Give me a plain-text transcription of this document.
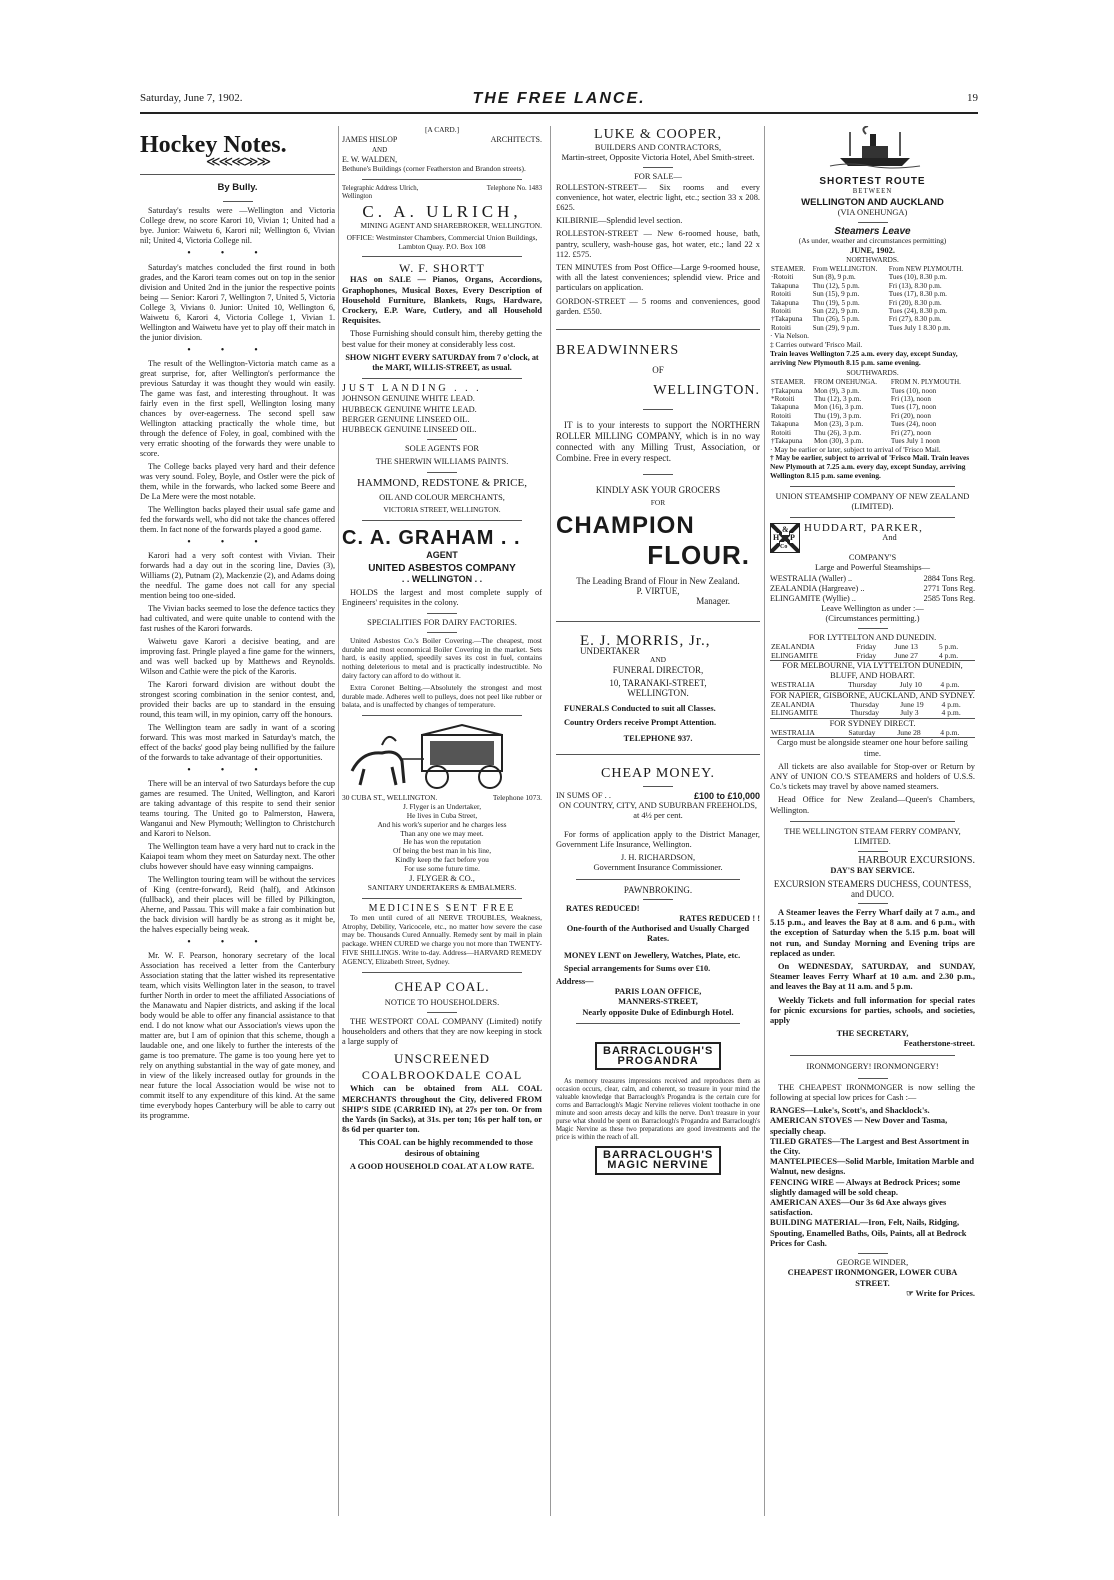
Saturday, June 7, 1902.	THE FREE LANCE.	19
Hockey Notes.
≪≪≪≫≫
By Bully.

Saturday's results were —Wellington and Victoria College drew, no score Karori 10, Vivian 1; United had a bye. Junior: Waiwetu 6, Karori nil; Wellington 6, Vivian nil; United 4, Victoria College nil.

•••

Saturday's matches concluded the first round in both grades, and the Karori team comes out on top in the senior division and United 2nd in the junior the respective points being — Senior: Karori 7, Wellington 7, United 5, Victoria College 3, Vivians 0. Junior: United 10, Wellington 6, Waiwetu 6, Karori 4, Victoria College 1, Vivian 1. Wellington and Waiwetu have yet to play off their match in the junior division.

•••

The result of the Wellington-Victoria match came as a great surprise, for, after Wellington's performance the previous Saturday it was thought they would win easily. The game was fast, and interesting throughout. It was fairly even in the first spell, Wellington losing many chances by over-eagerness. The second spell saw Wellington attacking practically the whole time, but through the defence of Foley, in goal, combined with the very erratic shooting of the forwards they were unable to score.

The College backs played very hard and their defence was very sound. Foley, Boyle, and Ostler were the pick of them, while in the forwards, who lacked some Beere and De La Mere were the most notable.

The Wellington backs played their usual safe game and fed the forwards well, who did not take the chances offered them. In fact none of the forwards played a good game.

•••

Karori had a very soft contest with Vivian. Their forwards had a day out in the scoring line, Davies (3), Williams (2), Putnam (2), Mackenzie (2), and Adams doing the needful. The game does not call for any special mention being too one-sided.

The Vivian backs seemed to lose the defence tactics they had cultivated, and were quite unable to contend with the fast rushes of the Karori forwards.

Waiwetu gave Karori a decisive beating, and are improving fast. Pringle played a fine game for the winners, and was well backed up by Matthews and Reynolds. Wilson and Cathie were the pick of the Karoris.

The Karori forward division are without doubt the strongest scoring combination in the senior contest, and, provided their backs are up to standard in the ensuing round, this team will, in my opinion, carry off the honours.

The Wellington team are sadly in want of a scoring forward. This was most marked in Saturday's match, the effect of the backs' good play being nullified by the failure of the forwards to take advantage of their opportunities.

•••

There will be an interval of two Saturdays before the cup games are resumed. The United, Wellington, and Karori are taking advantage of this respite to send their senior teams touring. The United go to Palmerston, Hawera, Wanganui and New Plymouth; Wellington to Christchurch and Karori to Nelson.

The Wellington team have a very hard nut to crack in the Kaiapoi team whom they meet on Saturday next. The other clubs however should have easy winning campaigns.

The Wellington touring team will be without the services of King (centre-forward), Reid (half), and Atkinson (fullback), and their places will be filled by Pilkington, Aherne, and Passau. This will make a fair combination but the back division will hardly be as strong as it might be, the halves especially being weak.

•••

Mr. W. F. Pearson, honorary secretary of the local Association has received a letter from the Canterbury Association stating that the latter wished its representative team, which visits Wellington later in the season, to travel further North in order to meet the affiliated Associations of the Manawatu and Napier districts, and asking if the local body would be able to offer any financial assistance to that end. I do not know what our Association's views upon the matter are, but I am of opinion that this scheme, though a laudable one, and one likely to further the interests of the game is too premature. The game is too young here yet to rely on anything substantial in the way of gate money, and in view of the likely increased outlay for grounds in the near future the local Association would be wise not to commit itself to any expenditure of this kind. At the same time everybody hopes Canterbury will be able to carry out its programme.

[A CARD.]
JAMES HISLOP	ARCHITECTS.
AND
E. W. WALDEN,
Bethune's Buildings (corner Featherston and Brandon streets).
Telegraphic Address Ulrich, Wellington
Telephone No. 1483
C. A. ULRICH,
MINING AGENT AND SHAREBROKER, WELLINGTON.
OFFICE: Westminster Chambers, Commercial Union Buildings, Lambton Quay. P.O. Box 108
W. F. SHORTT

HAS on SALE — Pianos, Organs, Accordions, Graphophones, Musical Boxes, Every Description of Household Furniture, Blankets, Rugs, Hardware, Crockery, E.P. Ware, Cutlery, and all Household Requisites.

Those Furnishing should consult him, thereby getting the best value for their money at considerably less cost.

SHOW NIGHT EVERY SATURDAY from 7 o'clock, at the MART, WILLIS-STREET, as usual.
JUST LANDING . . .
JOHNSON GENUINE WHITE LEAD.
HUBBECK GENUINE WHITE LEAD.
BERGER GENUINE LINSEED OIL.
HUBBECK GENUINE LINSEED OIL.
SOLE AGENTS FOR
THE SHERWIN WILLIAMS PAINTS.
HAMMOND, REDSTONE & PRICE,
OIL AND COLOUR MERCHANTS,
VICTORIA STREET, WELLINGTON.
C. A. GRAHAM . .
AGENT
UNITED ASBESTOS COMPANY
. . WELLINGTON . .

HOLDS the largest and most complete supply of Engineers' requisites in the colony.

SPECIALITIES FOR DAIRY FACTORIES.

United Asbestos Co.'s Boiler Covering.—The cheapest, most durable and most economical Boiler Covering in the market. Sets hard, is easily applied, speedily saves its cost in fuel, contains nothing deleterious to metal and is practically indestructible. No dairy factory can afford to do without it.

Extra Coronet Belting.—Absolutely the strongest and most durable made. Adheres well to pulleys, does not peel like rubber or balata, and is unaffected by changes of temperature.

30 CUBA ST., WELLINGTON.	Telephone 1073.
J. Flyger is an Undertaker,
He lives in Cuba Street,
And his work's superior and he charges less
Than any one we may meet.
He has won the reputation
Of being the best man in his line,
Kindly keep the fact before you
For use some future time.
J. FLYGER & CO.,
SANITARY UNDERTAKERS & EMBALMERS.
MEDICINES SENT FREE

To men until cured of all NERVE TROUBLES, Weakness, Atrophy, Debility, Varicocele, etc., no matter how severe the case may be. Thousands Cured Annually. Remedy sent by mail in plain package. WHEN CURED we charge you not more than TWENTY-FIVE SHILLINGS. Write to-day. Address—HARVARD REMEDY AGENCY, Elizabeth Street, Sydney.

CHEAP COAL.
NOTICE TO HOUSEHOLDERS.

THE WESTPORT COAL COMPANY (Limited) notify householders and others that they are now keeping in stock a large supply of

UNSCREENED
COALBROOKDALE COAL

Which can be obtained from ALL COAL MERCHANTS throughout the City, delivered FROM SHIP'S SIDE (CARRIED IN), at 27s per ton. Or from the Yards (in Sacks), at 31s. per ton; 16s per half ton, or 8s 6d per quarter ton.

This COAL can be highly recommended to those desirous of obtaining

A GOOD HOUSEHOLD COAL AT A LOW RATE.
LUKE & COOPER,
BUILDERS AND CONTRACTORS,
Martin-street, Opposite Victoria Hotel, Abel Smith-street.
FOR SALE—

ROLLESTON-STREET— Six rooms and every convenience, hot water, electric light, etc.; section 33 x 208. £625.

KILBIRNIE—Splendid level section.

ROLLESTON-STREET — New 6-roomed house, bath, pantry, scullery, wash-house gas, hot water, etc.; land 22 x 112. £575.

TEN MINUTES from Post Office—Large 9-roomed house, with all the latest conveniences; splendid view. Price and particulars on application.

GORDON-STREET — 5 rooms and conveniences, good garden. £550.

BREADWINNERS
OF
WELLINGTON.

IT is to your interests to support the NORTHERN ROLLER MILLING COMPANY, which is in no way connected with any Milling Trust, Association, or Combine. Free in every respect.

KINDLY ASK YOUR GROCERS
FOR
CHAMPION
FLOUR.
The Leading Brand of Flour in New Zealand.
P. VIRTUE,
Manager.
E. J. MORRIS, Jr.,
UNDERTAKER
AND
FUNERAL DIRECTOR,
10, TARANAKI-STREET,
WELLINGTON.

FUNERALS Conducted to suit all Classes.

Country Orders receive Prompt Attention.

TELEPHONE 937.
CHEAP MONEY.
IN SUMS OF . .	£100 to £10,000
ON COUNTRY, CITY, AND SUBURBAN FREEHOLDS,
at 4½ per cent.

For forms of application apply to the District Manager, Government Life Insurance, Wellington.

J. H. RICHARDSON,
Government Insurance Commissioner.
PAWNBROKING.
RATES REDUCED!
RATES REDUCED ! !
One-fourth of the Authorised and Usually Charged Rates.

MONEY LENT on Jewellery, Watches, Plate, etc.

Special arrangements for Sums over £10.

Address—
PARIS LOAN OFFICE,
MANNERS-STREET,
Nearly opposite Duke of Edinburgh Hotel.
BARRACLOUGH'S
PROGANDRA

As memory treasures impressions received and reproduces them as occasion occurs, clear, calm, and coherent, so treasure in your mind the valuable knowledge that Barraclough's Progandra is the certain cure for corns and Barraclough's Magic Nervine relieves violent toothache in one minute and soon arrests decay and kills the nerve. Don't treasure in your purse what should be spent on Barraclough's Progandra and Barraclough's Magic Nervine as these two preparations are good investments and the price is within the reach of all.

BARRACLOUGH'S
MAGIC NERVINE
SHORTEST ROUTE
BETWEEN
WELLINGTON AND AUCKLAND
(VIA ONEHUNGA)
Steamers Leave
(As under, weather and circumstances permitting)
JUNE, 1902.
NORTHWARDS.
STEAMER.	From WELLINGTON.	From NEW PLYMOUTH.
·Rotoiti	Sun (8), 9 p.m.	Tues (10), 8.30 p.m.
Takapuna	Thu (12), 5 p.m.	Fri (13), 8.30 p.m.
Rotoiti	Sun (15), 9 p.m.	Tues (17), 8.30 p.m.
Takapuna	Thu (19), 5 p.m.	Fri (20), 8.30 p.m.
Rotoiti	Sun (22), 9 p.m.	Tues (24), 8.30 p.m.
†Takapuna	Thu (26), 5 p.m.	Fri (27), 8.30 p.m.
Rotoiti	Sun (29), 9 p.m.	Tues July 1 8.30 p.m.
· Via Nelson.
‡ Carries outward 'Frisco Mail.
Train leaves Wellington 7.25 a.m. every day, except Sunday, arriving New Plymouth 8.15 p.m. same evening.
SOUTHWARDS.
STEAMER.	FROM ONEHUNGA.	FROM N. PLYMOUTH.
†Takapuna	Mon (9), 3 p.m.	Tues (10), noon
*Rotoiti	Thu (12), 3 p.m.	Fri (13), noon
Takapuna	Mon (16), 3 p.m.	Tues (17), noon
Rotoiti	Thu (19), 3 p.m.	Fri (20), noon
Takapuna	Mon (23), 3 p.m.	Tues (24), noon
Rotoiti	Thu (26), 3 p.m.	Fri (27), noon
†Takapuna	Mon (30), 3 p.m.	Tues July 1 noon
· May be earlier or later, subject to arrival of 'Frisco Mail.
† May be earlier, subject to arrival of 'Frisco Mail. Train leaves New Plymouth at 7.25 a.m. every day, except Sunday, arriving Wellington 8.15 p.m. same evening.
UNION STEAMSHIP COMPANY OF NEW ZEALAND (LIMITED).
H
&
P
Co
HUDDART, PARKER,
And
COMPANY'S
Large and Powerful Steamships—
WESTRALIA (Waller) ..	2884 Tons Reg.
ZEALANDIA (Hargreave) ..	2771 Tons Reg.
ELINGAMITE (Wyllie) ..	2585 Tons Reg.
Leave Wellington as under :—
(Circumstances permitting.)
FOR LYTTELTON AND DUNEDIN.
ZEALANDIA	Friday	June 13	5 p.m.
ELINGAMITE	Friday	June 27	4 p.m.
FOR MELBOURNE, VIA LYTTELTON DUNEDIN, BLUFF, AND HOBART.
WESTRALIA	Thursday	July 10	4 p.m.
FOR NAPIER, GISBORNE, AUCKLAND, AND SYDNEY.
ZEALANDIA	Thursday	June 19	4 p.m.
ELINGAMITE	Thursday	July 3	4 p.m.
FOR SYDNEY DIRECT.
WESTRALIA	Saturday	June 28	4 p.m.

Cargo must be alongside steamer one hour before sailing time.

All tickets are also available for Stop-over or Return by ANY of UNION CO.'S STEAMERS and holders of U.S.S. Co.'s tickets may travel by above named steamers.

Head Office for New Zealand—Queen's Chambers, Wellington.

THE WELLINGTON STEAM FERRY COMPANY, LIMITED.
HARBOUR EXCURSIONS.
DAY'S BAY SERVICE.
EXCURSION STEAMERS DUCHESS, COUNTESS, and DUCO.

A Steamer leaves the Ferry Wharf daily at 7 a.m., and 5.15 p.m., and leaves the Bay at 8 a.m. and 6 p.m., with the exception of Saturday when the 5.15 p.m. boat will not run, and Sunday Morning and Evening trips are replaced as under.

On WEDNESDAY, SATURDAY, and SUNDAY, Steamer leaves Ferry Wharf at 10 a.m. and 2.30 p.m., and leaves the Bay at 11 a.m. and 5 p.m.

Weekly Tickets and full information for special rates for picnic excursions for parties, schools, and societies, apply

THE SECRETARY,
Featherstone-street.
IRONMONGERY! IRONMONGERY!

THE CHEAPEST IRONMONGER is now selling the following at special low prices for Cash :—

RANGES—Luke's, Scott's, and Shacklock's.
AMERICAN STOVES — New Dover and Tasma, specially cheap.
TILED GRATES—The Largest and Best Assortment in the City.
MANTELPIECES—Solid Marble, Imitation Marble and Walnut, new designs.
FENCING WIRE — Always at Bedrock Prices; some slightly damaged will be sold cheap.
AMERICAN AXES—Our 3s 6d Axe always gives satisfaction.
BUILDING MATERIAL—Iron, Felt, Nails, Ridging, Spouting, Enamelled Baths, Oils, Paints, all at Bedrock Prices for Cash.
GEORGE WINDER,
CHEAPEST IRONMONGER, LOWER CUBA STREET.
☞ Write for Prices.
